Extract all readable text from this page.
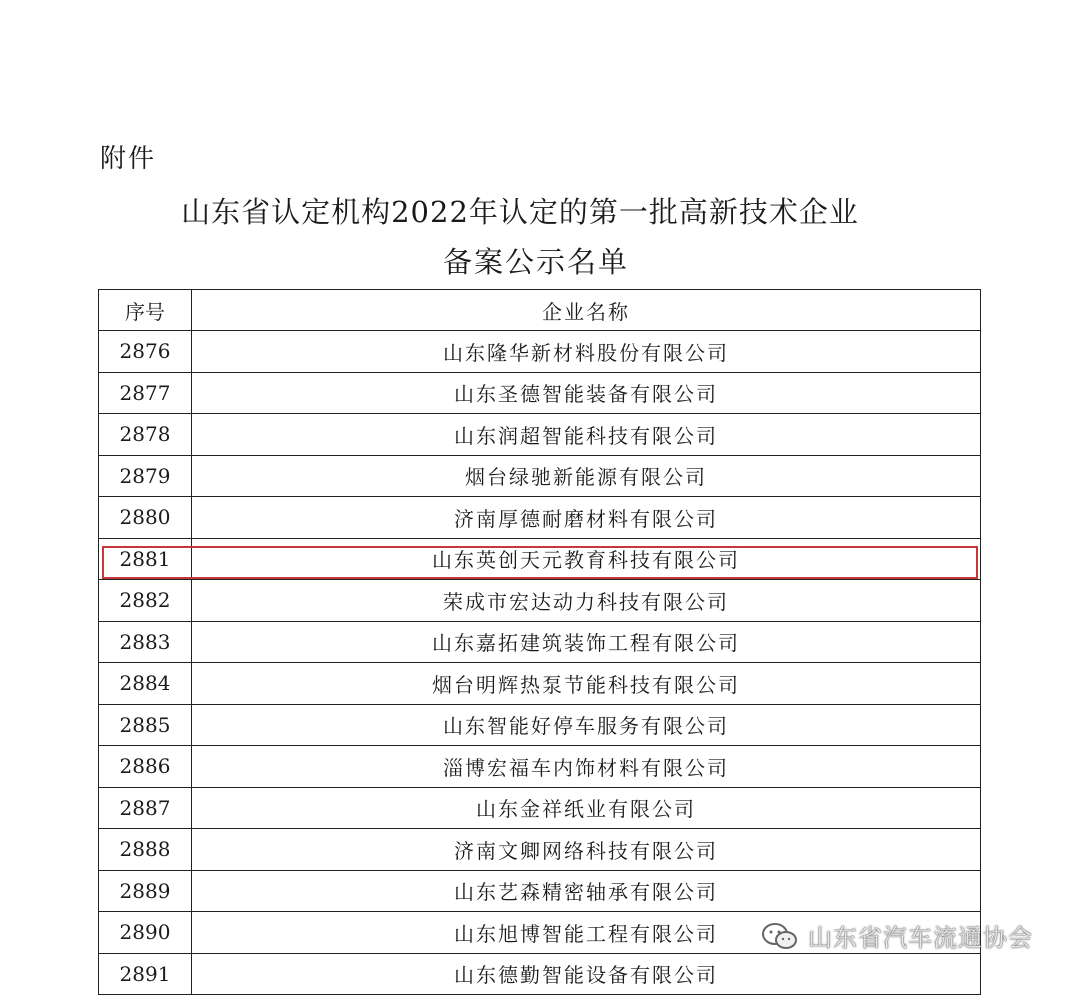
附件
山东省认定机构2022年认定的第一批高新技术企业
备案公示名单
序号	企业名称
2876	山东隆华新材料股份有限公司
2877	山东圣德智能装备有限公司
2878	山东润超智能科技有限公司
2879	烟台绿驰新能源有限公司
2880	济南厚德耐磨材料有限公司
2881	山东英创天元教育科技有限公司
2882	荣成市宏达动力科技有限公司
2883	山东嘉拓建筑装饰工程有限公司
2884	烟台明辉热泵节能科技有限公司
2885	山东智能好停车服务有限公司
2886	淄博宏福车内饰材料有限公司
2887	山东金祥纸业有限公司
2888	济南文卿网络科技有限公司
2889	山东艺森精密轴承有限公司
2890	山东旭博智能工程有限公司
2891	山东德勤智能设备有限公司
山东省汽车流通协会
